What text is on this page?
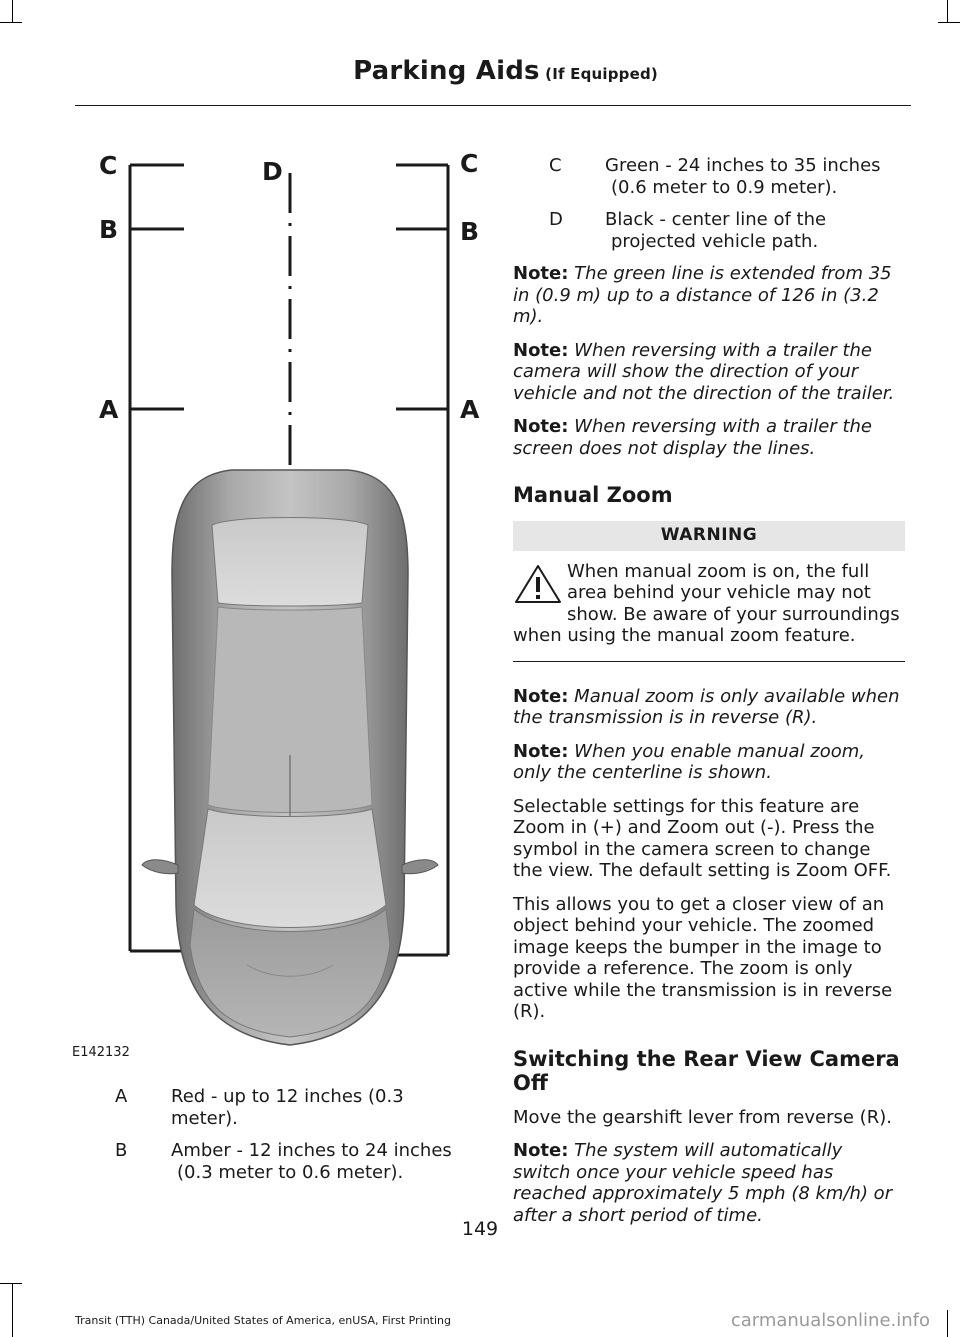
Parking Aids (If Equipped)
C
B
A
D	C
B
A
E142132
A	Red - up to 12 inches (0.3 meter).
B	Amber - 12 inches to 24 inches
(0.3 meter to 0.6 meter).
C	Green - 24 inches to 35 inches
(0.6 meter to 0.9 meter).
D	Black - center line of the
projected vehicle path.

Note: The green line is extended from 35 in (0.9 m) up to a distance of 126 in (3.2 m).

Note: When reversing with a trailer the camera will show the direction of your vehicle and not the direction of the trailer.

Note: When reversing with a trailer the screen does not display the lines.

Manual Zoom
WARNING
When manual zoom is on, the full area behind your vehicle may not show. Be aware of your surroundings when using the manual zoom feature.

Note: Manual zoom is only available when the transmission is in reverse (R).

Note: When you enable manual zoom, only the centerline is shown.

Selectable settings for this feature are Zoom in (+) and Zoom out (-). Press the symbol in the camera screen to change the view. The default setting is Zoom OFF.

This allows you to get a closer view of an object behind your vehicle. The zoomed image keeps the bumper in the image to provide a reference. The zoom is only active while the transmission is in reverse (R).

Switching the Rear View Camera Off

Move the gearshift lever from reverse (R).

Note: The system will automatically switch once your vehicle speed has reached approximately 5 mph (8 km/h) or after a short period of time.

149
Transit (TTH) Canada/United States of America, enUSA, First Printing	carmanualsonline.info
